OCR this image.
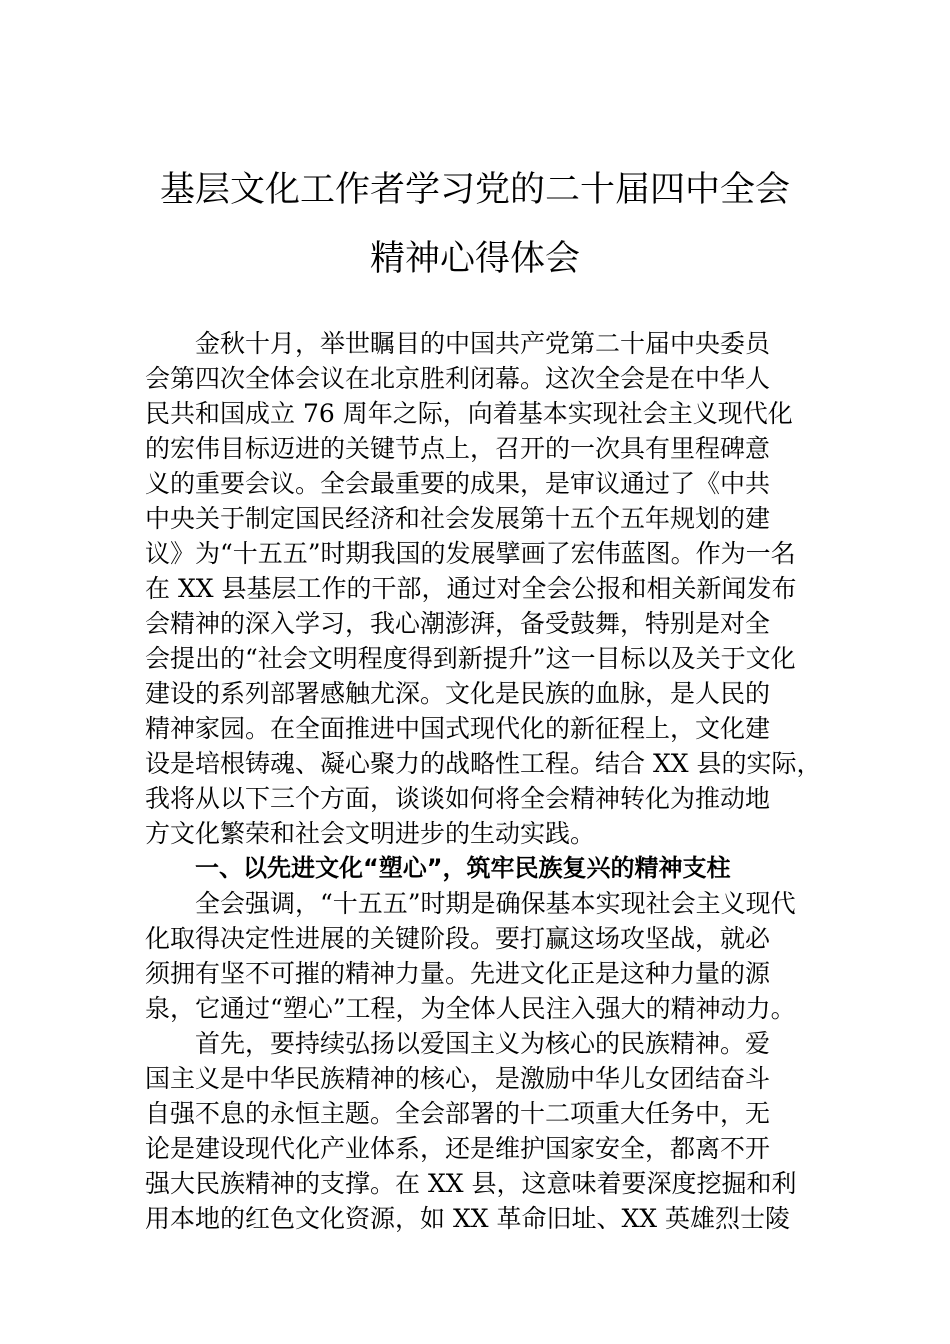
基层文化工作者学习党的二十届四中全会
精神心得体会
金秋十月，举世瞩目的中国共产党第二十届中央委员
会第四次全体会议在北京胜利闭幕。这次全会是在中华人
民共和国成立 76 周年之际，向着基本实现社会主义现代化
的宏伟目标迈进的关键节点上，召开的一次具有里程碑意
义的重要会议。全会最重要的成果，是审议通过了《中共
中央关于制定国民经济和社会发展第十五个五年规划的建
议》为“十五五”时期我国的发展擘画了宏伟蓝图。作为一名
在 XX 县基层工作的干部，通过对全会公报和相关新闻发布
会精神的深入学习，我心潮澎湃，备受鼓舞，特别是对全
会提出的“社会文明程度得到新提升”这一目标以及关于文化
建设的系列部署感触尤深。文化是民族的血脉，是人民的
精神家园。在全面推进中国式现代化的新征程上，文化建
设是培根铸魂、凝心聚力的战略性工程。结合 XX 县的实际，
我将从以下三个方面，谈谈如何将全会精神转化为推动地
方文化繁荣和社会文明进步的生动实践。
一、以先进文化“塑心”，筑牢民族复兴的精神支柱
全会强调，“十五五”时期是确保基本实现社会主义现代
化取得决定性进展的关键阶段。要打赢这场攻坚战，就必
须拥有坚不可摧的精神力量。先进文化正是这种力量的源
泉，它通过“塑心”工程，为全体人民注入强大的精神动力。
首先，要持续弘扬以爱国主义为核心的民族精神。爱
国主义是中华民族精神的核心，是激励中华儿女团结奋斗
自强不息的永恒主题。全会部署的十二项重大任务中，无
论是建设现代化产业体系，还是维护国家安全，都离不开
强大民族精神的支撑。在 XX 县，这意味着要深度挖掘和利
用本地的红色文化资源，如 XX 革命旧址、XX 英雄烈士陵
